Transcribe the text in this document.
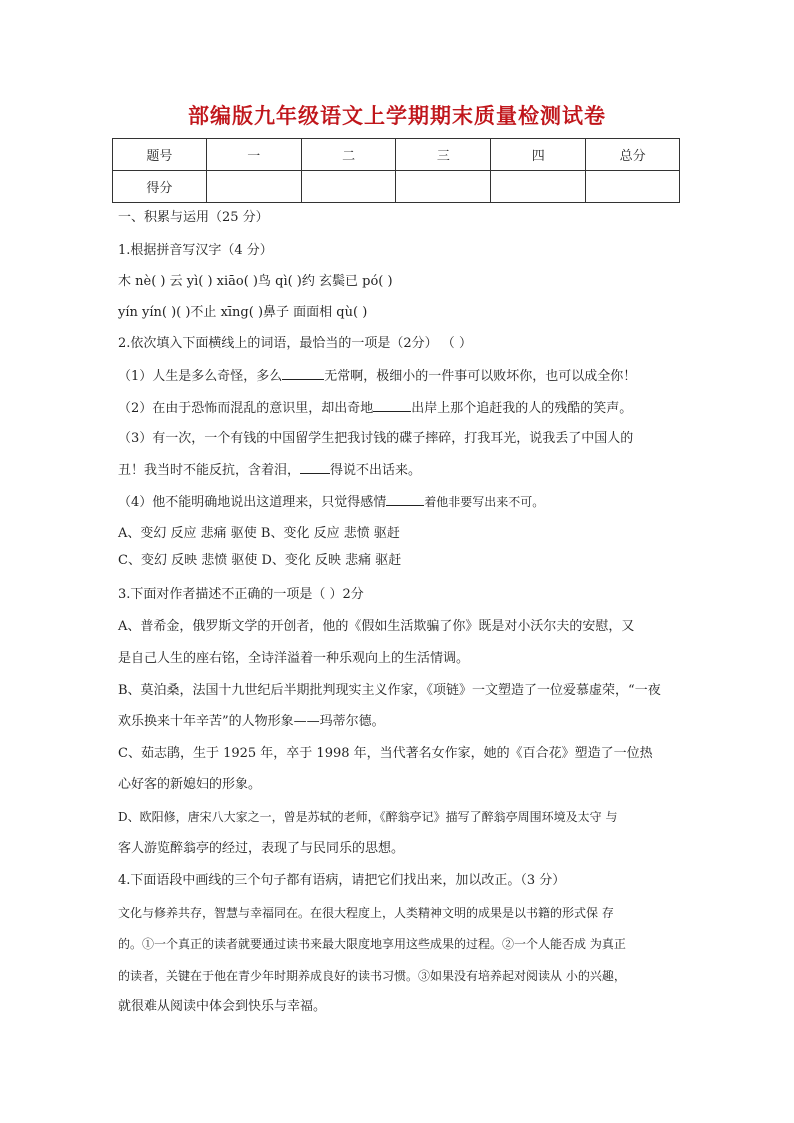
部编版九年级语文上学期期末质量检测试卷
题号	一	二	三	四	总分
得分					
一、积累与运用（25 分）
1.根据拼音写汉字（4 分）
木 nè( ) 云 yì( ) xiāo( )鸟 qì( )约 玄鬓已 pó( )
yín yín( )( )不止 xīng( )鼻子 面面相 qù( )
2.依次填入下面横线上的词语，最恰当的一项是（2分） （ ）
（1）人生是多么奇怪，多么	无常啊，极细小的一件事可以败坏你，也可以成全你！
（2）在由于恐怖而混乱的意识里，却出奇地	出岸上那个追赶我的人的残酷的笑声。
（3）有一次，一个有钱的中国留学生把我讨钱的碟子摔碎，打我耳光，说我丢了中国人的
丑！我当时不能反抗，含着泪， 得说不出话来。
（4）他不能明确地说出这道理来，只觉得感情	着他非要写出来不可。
A、变幻 反应 悲痛 驱使 B、变化 反应 悲愤 驱赶
C、变幻 反映 悲愤 驱使 D、变化 反映 悲痛 驱赶
3.下面对作者描述不正确的一项是（ ）2分
A、普希金，俄罗斯文学的开创者，他的《假如生活欺骗了你》既是对小沃尔夫的安慰，又
是自己人生的座右铭，全诗洋溢着一种乐观向上的生活情调。
B、莫泊桑，法国十九世纪后半期批判现实主义作家，《项链》一文塑造了一位爱慕虚荣，“一夜
欢乐换来十年辛苦”的人物形象——玛蒂尔德。
C、茹志鹃，生于 1925 年，卒于 1998 年，当代著名女作家，她的《百合花》塑造了一位热
心好客的新媳妇的形象。
D、欧阳修，唐宋八大家之一，曾是苏轼的老师，《醉翁亭记》描写了醉翁亭周围环境及太守 与
客人游览醉翁亭的经过，表现了与民同乐的思想。
4.下面语段中画线的三个句子都有语病，请把它们找出来，加以改正。（3 分）
文化与修养共存，智慧与幸福同在。在很大程度上，人类精神文明的成果是以书籍的形式保 存
的。①一个真正的读者就要通过读书来最大限度地享用这些成果的过程。②一个人能否成 为真正
的读者，关键在于他在青少年时期养成良好的读书习惯。③如果没有培养起对阅读从 小的兴趣，
就很难从阅读中体会到快乐与幸福。
